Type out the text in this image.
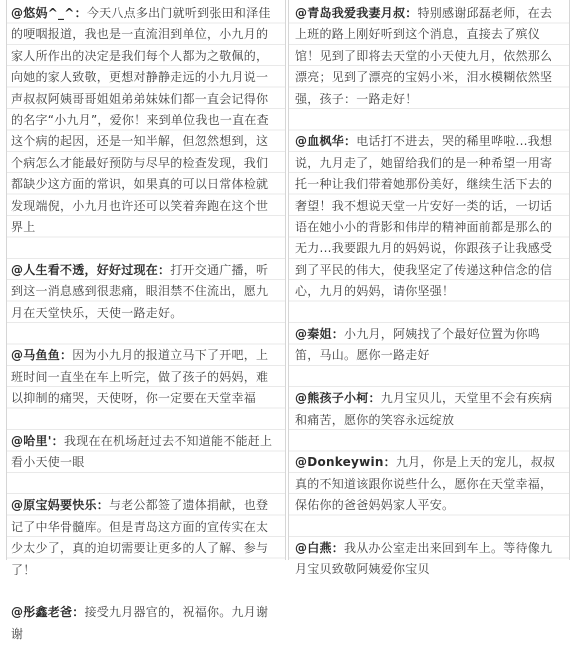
@悠妈^_^：今天八点多出门就听到张田和泽佳的哽咽报道，我也是一直流泪到单位，小九月的家人所作出的决定是我们每个人都为之敬佩的，向她的家人致敬，更想对静静走远的小九月说一声叔叔阿姨哥哥姐姐弟弟妹妹们都一直会记得你的名字“小九月”，爱你！来到单位我也一直在查这个病的起因，还是一知半解，但忽然想到，这个病怎么才能最好预防与尽早的检查发现，我们都缺少这方面的常识，如果真的可以日常体检就发现端倪，小九月也许还可以笑着奔跑在这个世界上
@人生看不透，好好过现在：打开交通广播，听到这一消息感到很悲痛，眼泪禁不住流出，愿九月在天堂快乐，天使一路走好。
@马鱼鱼：因为小九月的报道立马下了开吧，上班时间一直坐在车上听完，做了孩子的妈妈，难以抑制的痛哭，天使呀，你一定要在天堂幸福
@哈里'：我现在在机场赶过去不知道能不能赶上看小天使一眼
@原宝妈要快乐：与老公都签了遗体捐献，也登记了中华骨髓库。但是青岛这方面的宣传实在太少太少了，真的迫切需要让更多的人了解、参与了！
@彤鑫老爸：接受九月器官的，祝福你。九月谢谢
@青岛我爱我妻月叔：特别感谢邱磊老师，在去上班的路上刚好听到这个消息，直接去了殡仪馆！见到了即将去天堂的小天使九月，依然那么漂亮；见到了漂亮的宝妈小米，泪水模糊依然坚强，孩子：一路走好！
@血枫华：电话打不进去，哭的稀里哗啦...我想说，九月走了，她留给我们的是一种希望一用寄托一种让我们带着她那份美好，继续生活下去的奢望！我不想说天堂一片安好一类的话，一切话语在她小小的背影和伟岸的精神面前都是那么的无力...我要跟九月的妈妈说，你跟孩子让我感受到了平民的伟大，使我坚定了传递这种信念的信心，九月的妈妈，请你坚强！
@秦姐：小九月，阿姨找了个最好位置为你鸣笛，马山。愿你一路走好
@熊孩子小柯：九月宝贝儿，天堂里不会有疾病和痛苦，愿你的笑容永远绽放
@Donkeywin：九月，你是上天的宠儿，叔叔真的不知道该跟你说些什么，愿你在天堂幸福，保佑你的爸爸妈妈家人平安。
@白燕：我从办公室走出来回到车上。等待像九月宝贝致敬阿姨爱你宝贝
